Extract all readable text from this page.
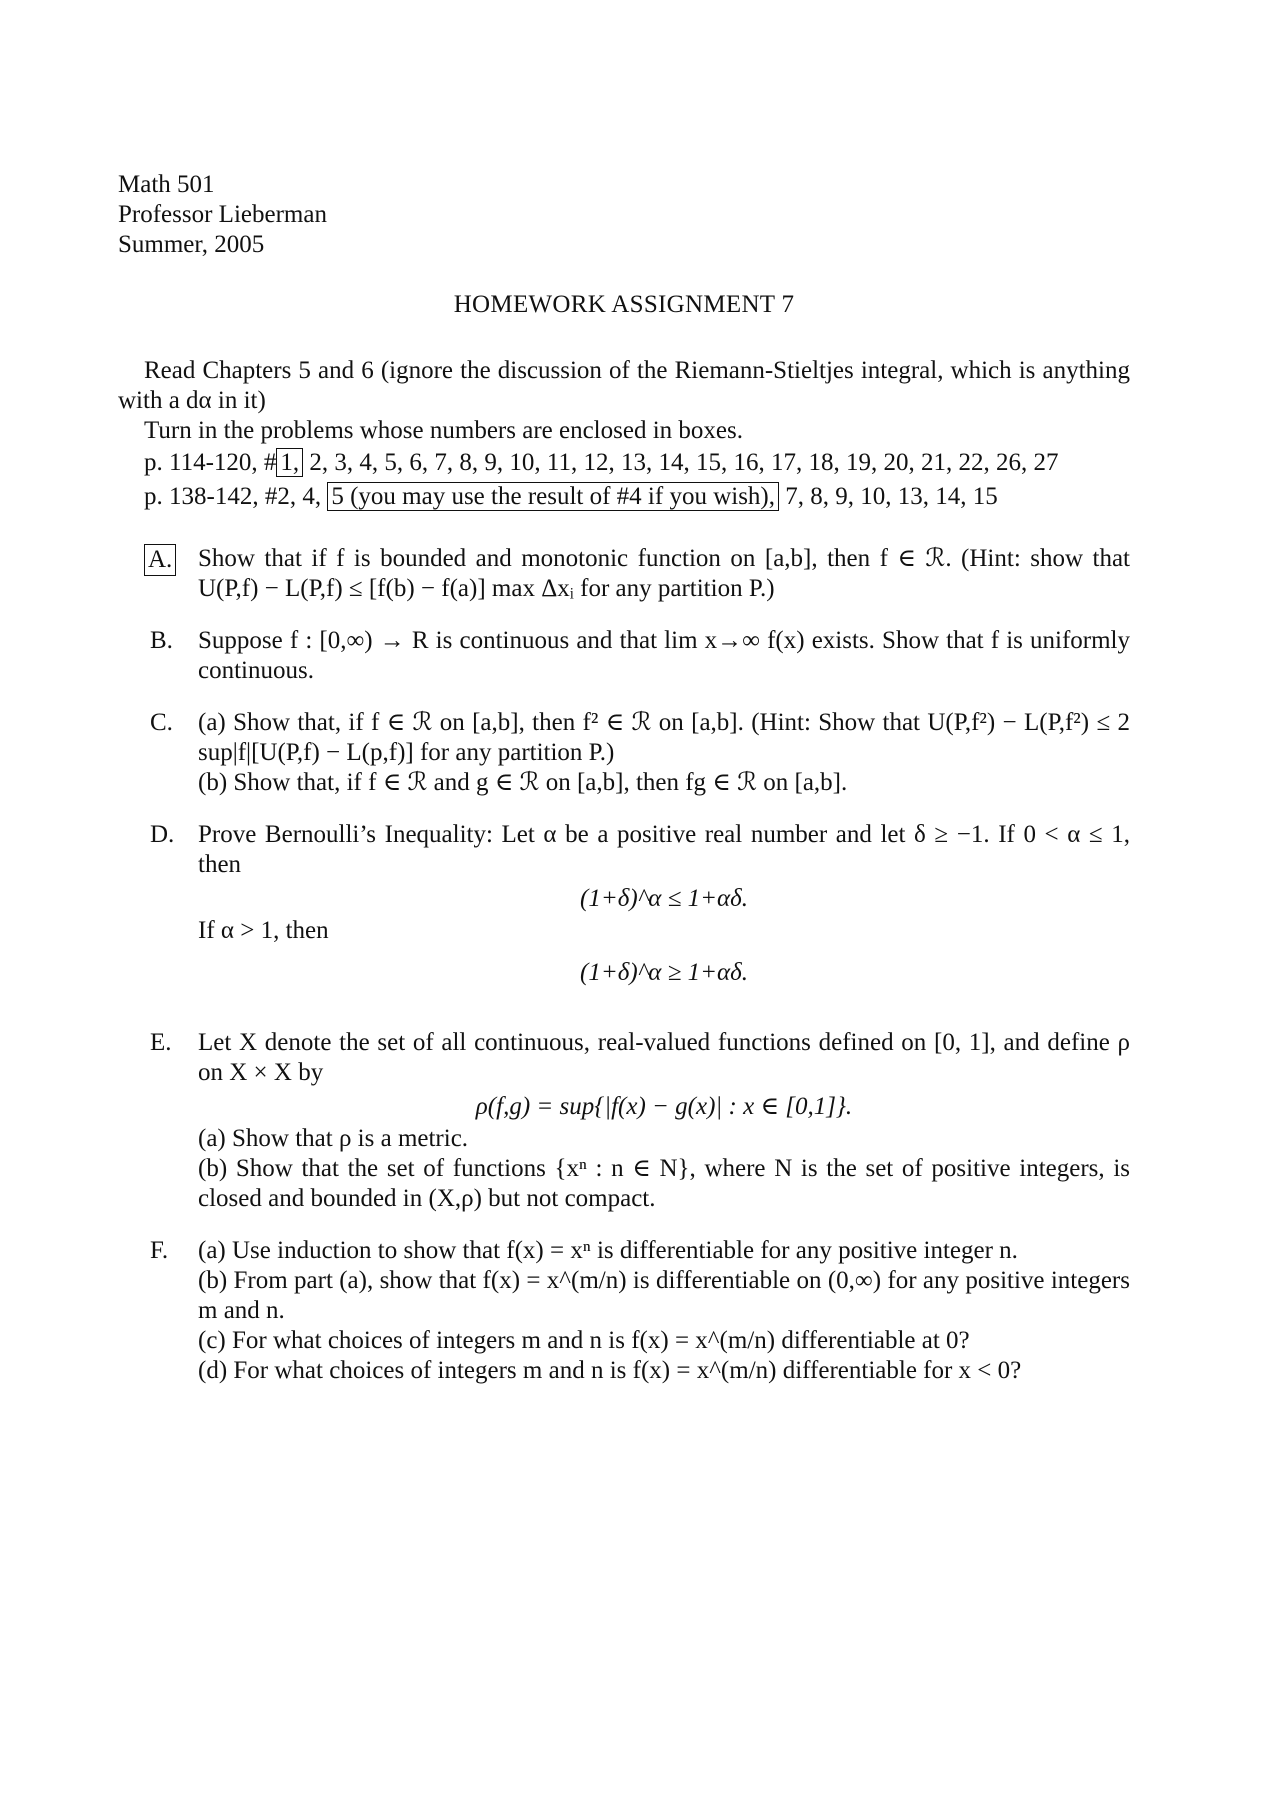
Math 501
Professor Lieberman
Summer, 2005
HOMEWORK ASSIGNMENT 7
Read Chapters 5 and 6 (ignore the discussion of the Riemann-Stieltjes integral, which is anything with a dα in it)
Turn in the problems whose numbers are enclosed in boxes.
p. 114-120, # 1, 2, 3, 4, 5, 6, 7, 8, 9, 10, 11, 12, 13, 14, 15, 16, 17, 18, 19, 20, 21, 22, 26, 27
p. 138-142, #2, 4, 5 (you may use the result of #4 if you wish), 7, 8, 9, 10, 13, 14, 15
A. Show that if f is bounded and monotonic function on [a,b], then f ∈ ℛ. (Hint: show that U(P,f) − L(P,f) ≤ [f(b) − f(a)] max Δxᵢ for any partition P.)
B. Suppose f : [0,∞) → R is continuous and that lim x→∞ f(x) exists. Show that f is uniformly continuous.
C. (a) Show that, if f ∈ ℛ on [a,b], then f² ∈ ℛ on [a,b]. (Hint: Show that U(P,f²) − L(P,f²) ≤ 2 sup|f|[U(P,f) − L(p,f)] for any partition P.)
(b) Show that, if f ∈ ℛ and g ∈ ℛ on [a,b], then fg ∈ ℛ on [a,b].
D. Prove Bernoulli’s Inequality: Let α be a positive real number and let δ ≥ −1. If 0 < α ≤ 1, then
(1+δ)^α ≤ 1+αδ.
If α > 1, then
(1+δ)^α ≥ 1+αδ.
E. Let X denote the set of all continuous, real-valued functions defined on [0, 1], and define ρ on X × X by
ρ(f,g) = sup{|f(x) − g(x)| : x ∈ [0,1]}.
(a) Show that ρ is a metric.
(b) Show that the set of functions {xⁿ : n ∈ N}, where N is the set of positive integers, is closed and bounded in (X,ρ) but not compact.
F. (a) Use induction to show that f(x) = xⁿ is differentiable for any positive integer n.
(b) From part (a), show that f(x) = x^(m/n) is differentiable on (0,∞) for any positive integers m and n.
(c) For what choices of integers m and n is f(x) = x^(m/n) differentiable at 0?
(d) For what choices of integers m and n is f(x) = x^(m/n) differentiable for x < 0?
